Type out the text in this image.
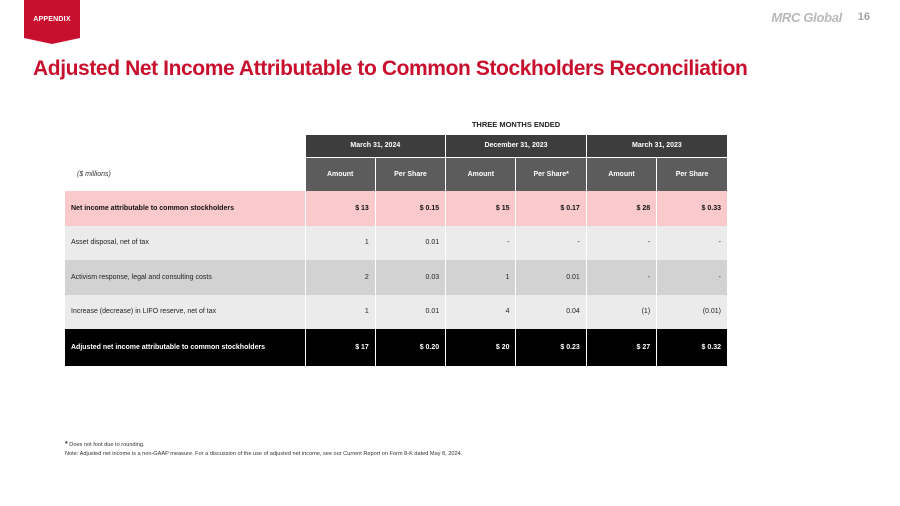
APPENDIX	MRC Global 16
Adjusted Net Income Attributable to Common Stockholders Reconciliation
THREE MONTHS ENDED
	March 31, 2024		December 31, 2023		March 31, 2023	
($ millions)	Amount	Per Share	Amount	Per Share*	Amount	Per Share
Net income attributable to common stockholders	$ 13	$ 0.15	$ 15	$ 0.17	$ 28	$ 0.33
Asset disposal, net of tax	1	0.01	-	-	-	-
Activism response, legal and consulting costs	2	0.03	1	0.01	-	-
Increase (decrease) in LIFO reserve, net of tax	1	0.01	4	0.04	(1)	(0.01)
Adjusted net income attributable to common stockholders	$ 17	$ 0.20	$ 20	$ 0.23	$ 27	$ 0.32
* Does not foot due to rounding.
Note: Adjusted net income is a non-GAAP measure. For a discussion of the use of adjusted net income, see our Current Report on Form 8-K dated May 8, 2024.
